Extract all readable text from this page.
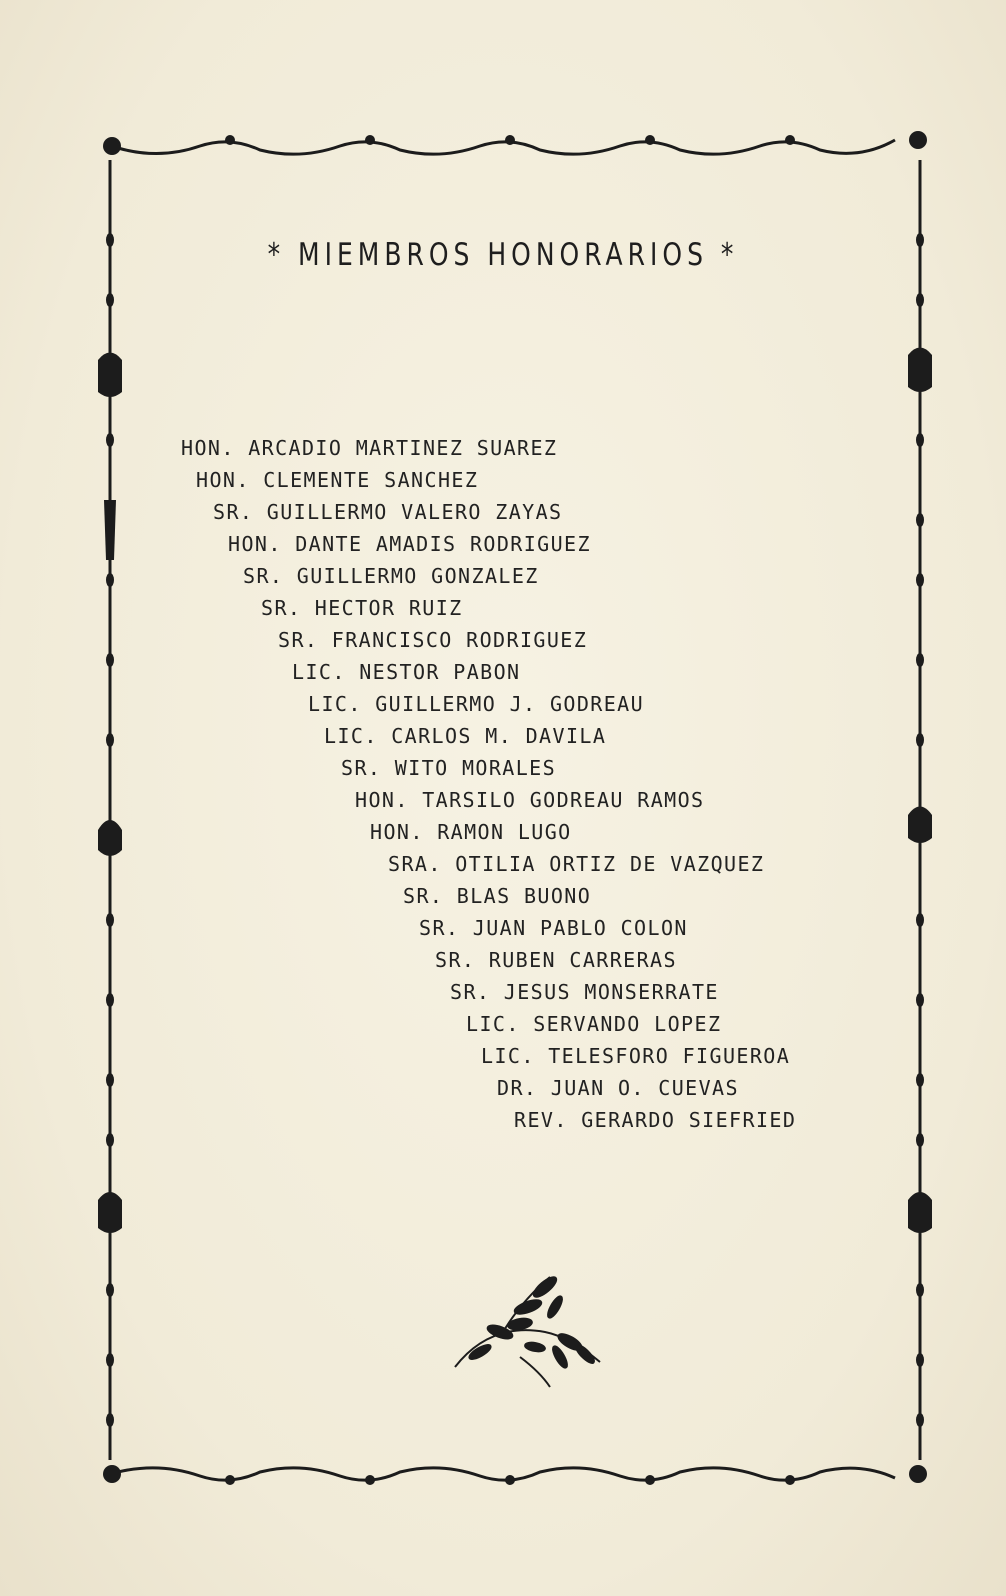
* MIEMBROS HONORARIOS *
HON. ARCADIO MARTINEZ SUAREZ
HON. CLEMENTE SANCHEZ
SR. GUILLERMO VALERO ZAYAS
HON. DANTE AMADIS RODRIGUEZ
SR. GUILLERMO GONZALEZ
SR. HECTOR RUIZ
SR. FRANCISCO RODRIGUEZ
LIC. NESTOR PABON
LIC. GUILLERMO J. GODREAU
LIC. CARLOS M. DAVILA
SR. WITO MORALES
HON. TARSILO GODREAU RAMOS
HON. RAMON LUGO
SRA. OTILIA ORTIZ DE VAZQUEZ
SR. BLAS BUONO
SR. JUAN PABLO COLON
SR. RUBEN CARRERAS
SR. JESUS MONSERRATE
LIC. SERVANDO LOPEZ
LIC. TELESFORO FIGUEROA
DR. JUAN O. CUEVAS
REV. GERARDO SIEFRIED
